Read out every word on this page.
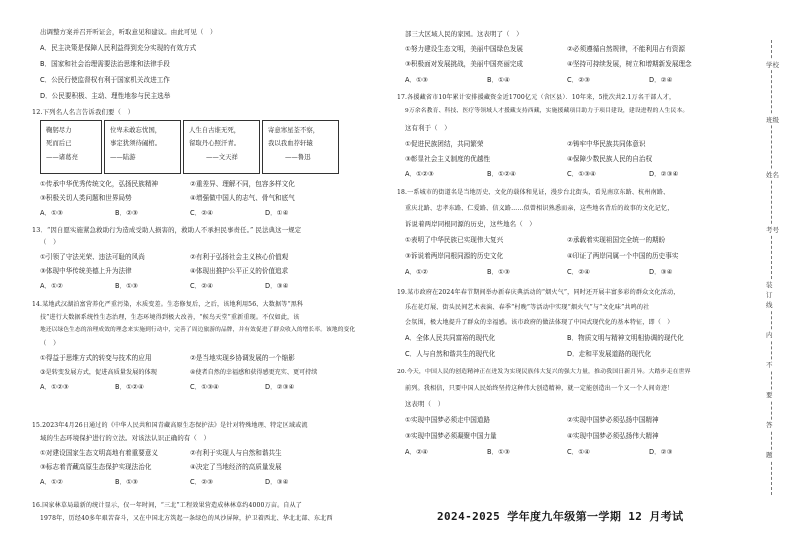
出调整方案并召开听证会，听取意见和建议。由此可见（　）
A．民主决策是保障人民利益得到充分实现的有效方式
B．国家和社会治理需要法治思维和法律手段
C．公民行使监督权有利于国家机关改进工作
D．公民要积极、主动、理性地参与民主选举
12.下列名人名言告诉我们要（　）
鞠躬尽力
死而后已
——诸葛亮
位卑未敢忘忧国，
事定犹须待阖棺。
——陆游
人生自古谁无死，
留取丹心照汗青。
——文天祥
寄意寒星荃不察，
我以我血荐轩辕
——鲁迅
①传承中华优秀传统文化，弘扬民族精神	②重差异、理解不同，包容多样文化
③积极关切人类问题和世界局势	④增强做中国人的志气、骨气和底气
A．①③	B．②③	C．②④	D．①④
13．“因自愿实施紧急救助行为造成受助人损害的，救助人不承担民事责任。” 民法典这一规定
（　）
①引领了守法光荣、违法可耻的风尚	②有利于弘扬社会主义核心价值观
③体现中华传统美德上升为法律	④体现出推护公平正义的价值追求
A．①②	B．①③	C．②④	D．③④
14.某地武汉湖泊富营养化严重污染，水质变差。生态修复后，之后，该地利用56、大数据等“黑科
技”进行大数据系统性生态治理，生态环境得到极大改善，“候鸟天堂”重新重现。不仅如此，该
地还以绿色生态的治理成效的理念来实施到行动中，完善了周边旅游的品牌，并有效促进了群众收入的增长率。该地的变化
（　）
①得益于思维方式的转变与技术的应用	②是当地实现乡协调发展的一个缩影
③是转变发展方式，促进高质量发展的体现	④使者自然的幸福感和获得感更充实、更可持续
A．①②③	B．①②④	C．①③④	D．②③④
15.2023年4月26日通过的《中华人民共和国青藏高原生态保护法》是针对特殊地理、特定区域或流
域的生态环境保护进行的立法。对该法认识正确的有（　）
①对建设国家生态文明高地有着重要意义	②有利于实现人与自然和谐共生
③标志着青藏高原生态保护实现法治化	④决定了当地经济的高质量发展
A．①②	B．①③	C．②③	D．③④
16.国家林草局最新的统计显示，仅一年时间，“三北”工程效果营造成林林草约4000万亩。自从了
1978年，历经40多年艰苦奋斗，又在中国北方筑起一条绿色的风沙屏障，护卫着西北、华北北部、东北西
部三大区域人民的家园。这表明了（　）
①努力建设生态文明，美丽中国绿色发展	②必须遵循自然规律，不能利用占有资源
③积极面对发展挑战，美丽中国亮丽完成	④坚持可持续发展，树立和增期新发展理念
A．①③	B．①④	C．②③	D．②④
17.各援藏省市10年累计安排援藏资金近1700亿元（含区县）．10年来，5批次共2.1万名干部人才，
9万余名教育、科技、医疗等领域人才援藏支持西藏，实施援藏项目助力于项目建设，建设进程的人生民本。
这有利于（　）
①促进民族团结，共同繁荣	②铸牢中华民族共同体意识
③彰显社会主义制度的优越性	④保障少数民族人民的自治权
A．①②③	B．①②④	C．①③④	D．②③④
18.一系城市的街道名是当地历史、文化的载体和见证，漫步台北街头，看见南京东路、杭州南路、
重庆北路、忠孝东路、仁爱路、信义路……似曾相识熟悉而亲，这些地名背后的故事的文化记忆，
诉说着两岸同根同源的历史，这些地名（　）
①表明了中华民族已实现伟大复兴	②承载着实现祖国完全统一的期盼
③诉说着两岸同根同源的历史文化	④印证了两岸同属一个中国的历史事实
A．①②	B．①③	C．②④	D．③④
19.某市政府在2024年春节期间举办新春庆典活动的“烟火气”，同时还开展丰富多彩的群众文化活动，
乐在花灯展、街头民间艺术表演、春季“村晚”等活动中实现“烟火气”与“文化味”共鸣的社
会氛围，极大地提升了群众的幸福感。该市政府的做法体现了中国式现代化的基本特征，即（　）
A．全体人民共同富裕的现代化	B．物质文明与精神文明相协调的现代化
C．人与自然和谐共生的现代化	D．走和平发展道路的现代化
20.今天，中国人民的创造精神正在迸发为实现民族伟大复兴的强大力量，推动我国日新月异。大踏步走在世界
前列。我相信，只要中国人民始终坚持这种伟大创造精神，就一定能创造出一个又一个人间奇迹！
这表明（　）
①实现中国梦必须走中国道路	②实现中国梦必须弘扬中国精神
③实现中国梦必须凝聚中国力量	④实现中国梦必须弘扬伟大精神
A．②④	B．①③	C．①④	D．②③
2024-2025 学年度九年级第一学期 12 月考试
学校
班级
姓名
考号
装订线
内
不
要
答
题
